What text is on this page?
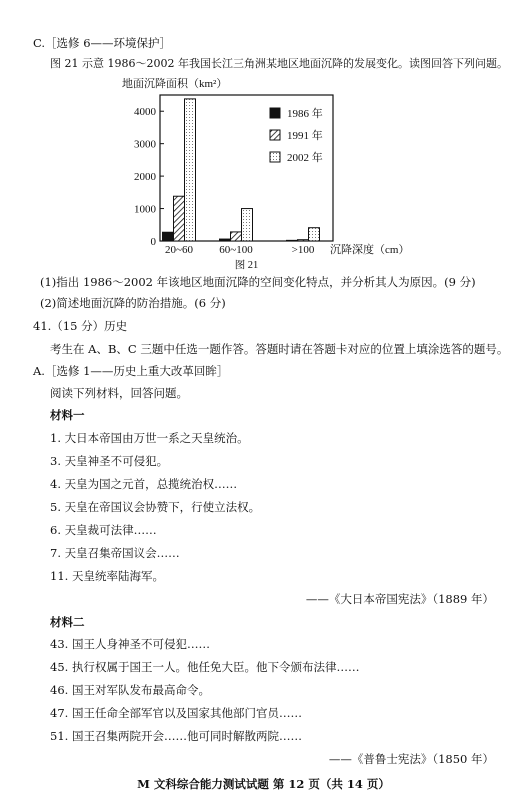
C.［选修 6——环境保护］
图 21 示意 1986～2002 年我国长江三角洲某地区地面沉降的发展变化。读图回答下列问题。
地面沉降面积（km²）
0
1000
2000
3000
4000
20~60 60~100	>100 沉降深度（cm）
1986 年
1991 年
2002 年
图 21
(1)指出 1986～2002 年该地区地面沉降的空间变化特点，并分析其人为原因。(9 分)
(2)简述地面沉降的防治措施。(6 分)
41.（15 分）历史
考生在 A、B、C 三题中任选一题作答。答题时请在答题卡对应的位置上填涂选答的题号。
A.［选修 1——历史上重大改革回眸］
阅读下列材料，回答问题。
材料一
1. 大日本帝国由万世一系之天皇统治。
3. 天皇神圣不可侵犯。
4. 天皇为国之元首，总揽统治权……
5. 天皇在帝国议会协赞下，行使立法权。
6. 天皇裁可法律……
7. 天皇召集帝国议会……
11. 天皇统率陆海军。
——《大日本帝国宪法》（1889 年）
材料二
43. 国王人身神圣不可侵犯……
45. 执行权属于国王一人。他任免大臣。他下令颁布法律……
46. 国王对军队发布最高命令。
47. 国王任命全部军官以及国家其他部门官员……
51. 国王召集两院开会……他可同时解散两院……
——《普鲁士宪法》（1850 年）
M 文科综合能力测试试题 第 12 页（共 14 页）
